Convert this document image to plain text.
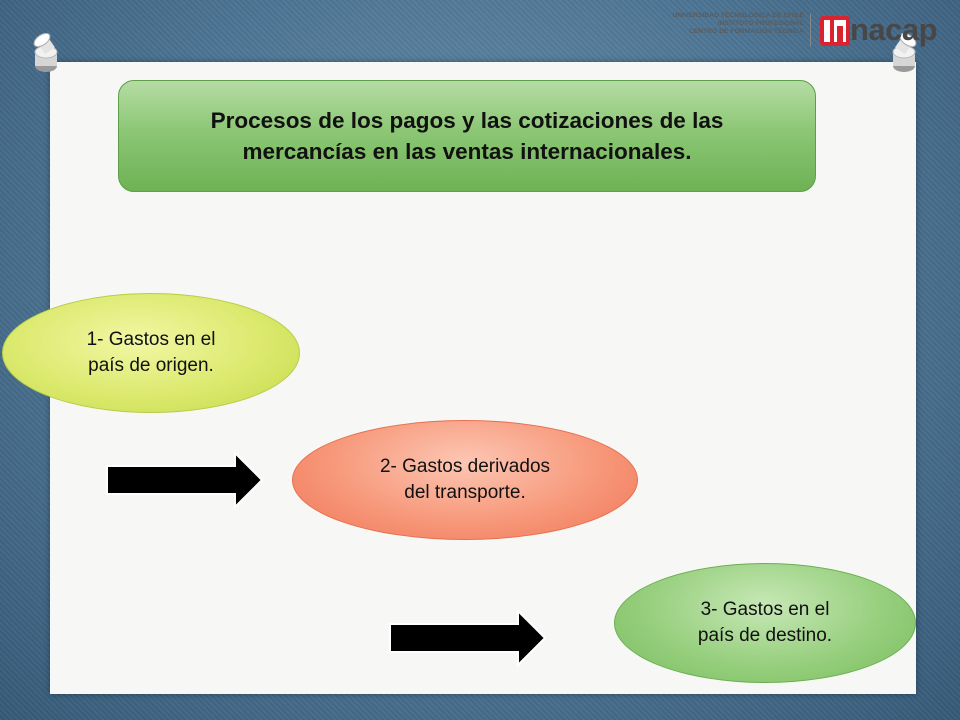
UNIVERSIDAD TECNOLÓGICA DE CHILE
INSTITUTO PROFESIONAL
CENTRO DE FORMACIÓN TÉCNICA nacap
Procesos de los pagos y las cotizaciones de las mercancías en las ventas internacionales.
1- Gastos en el
país de origen.
2- Gastos derivados
del transporte.
3- Gastos en el
país de destino.
